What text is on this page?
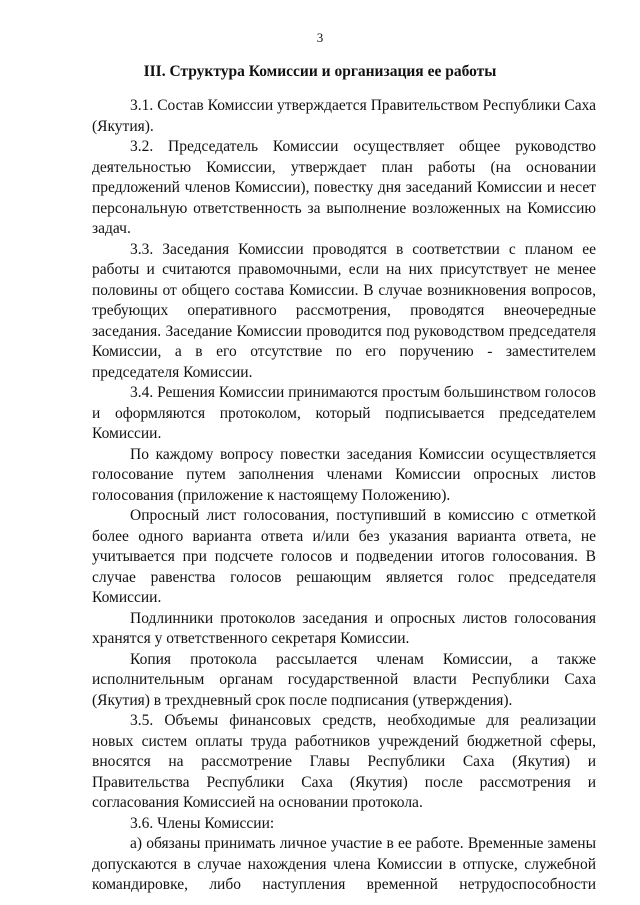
3
III. Структура Комиссии и организация ее работы

3.1. Состав Комиссии утверждается Правительством Республики Саха (Якутия).

3.2. Председатель Комиссии осуществляет общее руководство деятельностью Комиссии, утверждает план работы (на основании предложений членов Комиссии), повестку дня заседаний Комиссии и несет персональную ответственность за выполнение возложенных на Комиссию задач.

3.3. Заседания Комиссии проводятся в соответствии с планом ее работы и считаются правомочными, если на них присутствует не менее половины от общего состава Комиссии. В случае возникновения вопросов, требующих оперативного рассмотрения, проводятся внеочередные заседания. Заседание Комиссии проводится под руководством председателя Комиссии, а в его отсутствие по его поручению - заместителем председателя Комиссии.

3.4. Решения Комиссии принимаются простым большинством голосов и оформляются протоколом, который подписывается председателем Комиссии.

По каждому вопросу повестки заседания Комиссии осуществляется голосование путем заполнения членами Комиссии опросных листов голосования (приложение к настоящему Положению).

Опросный лист голосования, поступивший в комиссию с отметкой более одного варианта ответа и/или без указания варианта ответа, не учитывается при подсчете голосов и подведении итогов голосования. В случае равенства голосов решающим является голос председателя Комиссии.

Подлинники протоколов заседания и опросных листов голосования хранятся у ответственного секретаря Комиссии.

Копия протокола рассылается членам Комиссии, а также исполнительным органам государственной власти Республики Саха (Якутия) в трехдневный срок после подписания (утверждения).

3.5. Объемы финансовых средств, необходимые для реализации новых систем оплаты труда работников учреждений бюджетной сферы, вносятся на рассмотрение Главы Республики Саха (Якутия) и Правительства Республики Саха (Якутия) после рассмотрения и согласования Комиссией на основании протокола.

3.6. Члены Комиссии:

а) обязаны принимать личное участие в ее работе. Временные замены допускаются в случае нахождения члена Комиссии в отпуске, служебной командировке, либо наступления временной нетрудоспособности
